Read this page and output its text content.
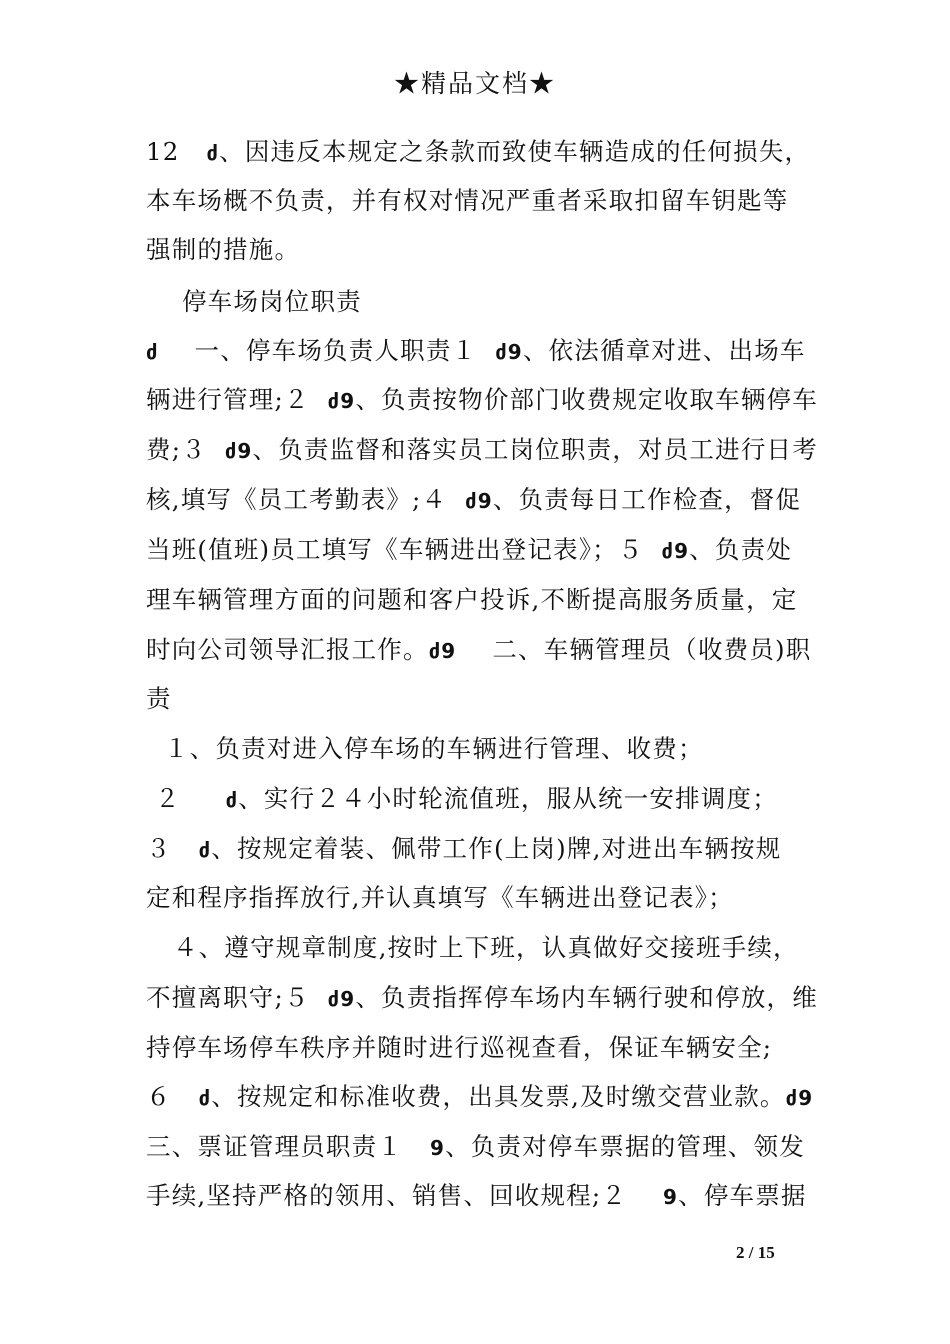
★精品文档★
12   ძ、因违反本规定之条款而致使车辆造成的任何损失，
本车场概不负责，并有权对情况严重者采取扣留车钥匙等
强制的措施。
停车场岗位职责
ძ    一、停车场负责人职责１  ძ9、依法循章对进、出场车
辆进行管理;２  ძ9、负责按物价部门收费规定收取车辆停车
费;３  ძ9、负责监督和落实员工岗位职责，对员工进行日考
核,填写《员工考勤表》;４  ძ9、负责每日工作检查，督促
当班(值班)员工填写《车辆进出登记表》；５  ძ9、负责处
理车辆管理方面的问题和客户投诉,不断提高服务质量，定
时向公司领导汇报工作。ძ9    二、车辆管理员（收费员)职
责
１、负责对进入停车场的车辆进行管理、收费；
２     ძ、实行２４小时轮流值班，服从统一安排调度；
３   ძ、按规定着装、佩带工作(上岗)牌,对进出车辆按规
定和程序指挥放行,并认真填写《车辆进出登记表》；
４、遵守规章制度,按时上下班，认真做好交接班手续，
不擅离职守;５  ძ9、负责指挥停车场内车辆行驶和停放，维
持停车场停车秩序并随时进行巡视查看，保证车辆安全;
６   ძ、按规定和标准收费，出具发票,及时缴交营业款。ძ9
三、票证管理员职责１   9、负责对停车票据的管理、领发
手续,坚持严格的领用、销售、回收规程;２    9、停车票据
2 / 15
